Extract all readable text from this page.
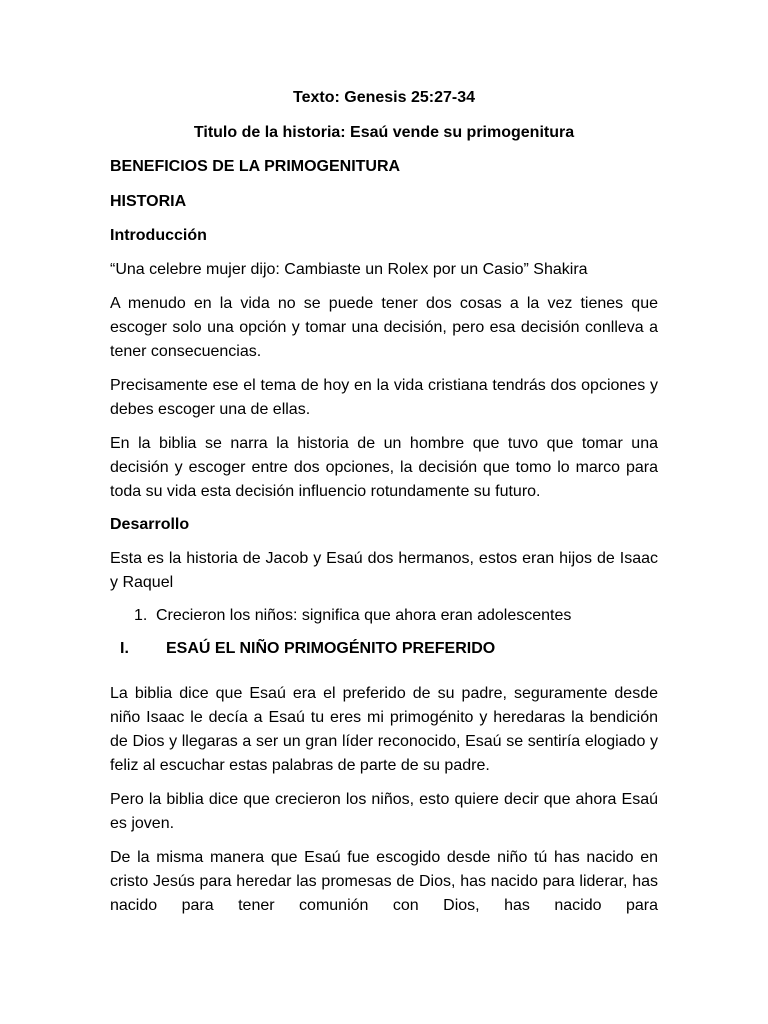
Texto: Genesis 25:27-34

Titulo de la historia: Esaú vende su primogenitura

BENEFICIOS DE LA PRIMOGENITURA

HISTORIA

Introducción

“Una celebre mujer dijo: Cambiaste un Rolex por un Casio” Shakira

A menudo en la vida no se puede tener dos cosas a la vez tienes que escoger solo una opción y tomar una decisión, pero esa decisión conlleva a tener consecuencias.

Precisamente ese el tema de hoy en la vida cristiana tendrás dos opciones y debes escoger una de ellas.

En la biblia se narra la historia de un hombre que tuvo que tomar una decisión y escoger entre dos opciones, la decisión que tomo lo marco para toda su vida esta decisión influencio rotundamente su futuro.

Desarrollo

Esta es la historia de Jacob y Esaú dos hermanos, estos eran hijos de Isaac y Raquel

1. Crecieron los niños: significa que ahora eran adolescentes
I.	ESAÚ EL NIÑO PRIMOGÉNITO PREFERIDO

La biblia dice que Esaú era el preferido de su padre, seguramente desde niño Isaac le decía a Esaú tu eres mi primogénito y heredaras la bendición de Dios y llegaras a ser un gran líder reconocido, Esaú se sentiría elogiado y feliz al escuchar estas palabras de parte de su padre.

Pero la biblia dice que crecieron los niños, esto quiere decir que ahora Esaú es joven.

De la misma manera que Esaú fue escogido desde niño tú has nacido en cristo Jesús para heredar las promesas de Dios, has nacido para liderar, has nacido para tener comunión con Dios, has nacido para
